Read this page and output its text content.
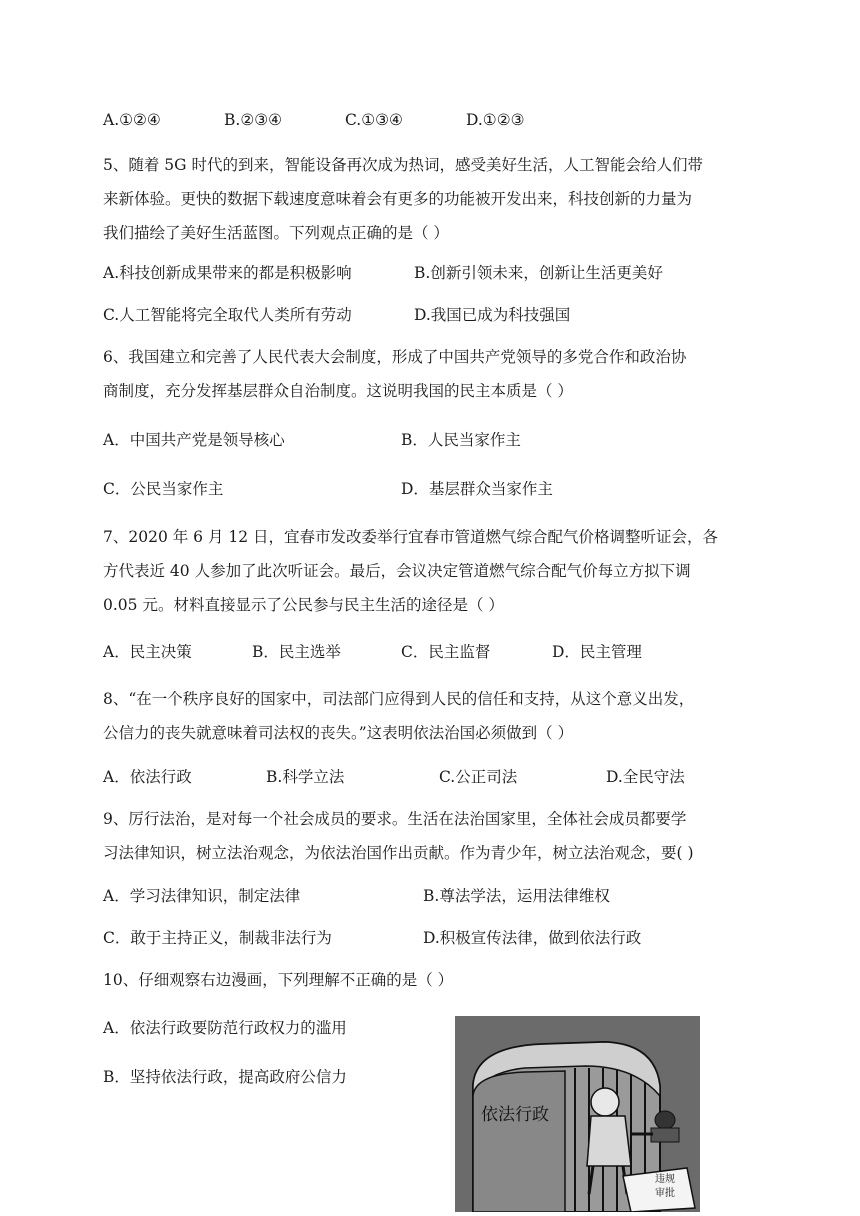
A.①②④	B.②③④	C.①③④	D.①②③
5、随着 5G 时代的到来，智能设备再次成为热词，感受美好生活，人工智能会给人们带
来新体验。更快的数据下载速度意味着会有更多的功能被开发出来，科技创新的力量为
我们描绘了美好生活蓝图。下列观点正确的是（ ）
A.科技创新成果带来的都是积极影响	B.创新引领未来，创新让生活更美好
C.人工智能将完全取代人类所有劳动	D.我国已成为科技强国
6、我国建立和完善了人民代表大会制度，形成了中国共产党领导的多党合作和政治协
商制度，充分发挥基层群众自治制度。这说明我国的民主本质是（ ）
A．中国共产党是领导核心	B．人民当家作主
C．公民当家作主	D．基层群众当家作主
7、2020 年 6 月 12 日，宜春市发改委举行宜春市管道燃气综合配气价格调整听证会，各
方代表近 40 人参加了此次听证会。最后，会议决定管道燃气综合配气价每立方拟下调
0.05 元。材料直接显示了公民参与民主生活的途径是（ ）
A．民主决策	B．民主选举	C．民主监督	D．民主管理
8、“在一个秩序良好的国家中，司法部门应得到人民的信任和支持，从这个意义出发，
公信力的丧失就意味着司法权的丧失。”这表明依法治国必须做到（ ）
A．依法行政	B.科学立法	C.公正司法	D.全民守法
9、厉行法治，是对每一个社会成员的要求。生活在法治国家里，全体社会成员都要学
习法律知识，树立法治观念，为依法治国作出贡献。作为青少年，树立法治观念，要( )
A．学习法律知识，制定法律	B.尊法学法，运用法律维权
C．敢于主持正义，制裁非法行为	D.积极宣传法律，做到依法行政
10、仔细观察右边漫画，下列理解不正确的是（ ）
A．依法行政要防范行政权力的滥用
B．坚持依法行政，提高政府公信力
依法行政
违规
审批
